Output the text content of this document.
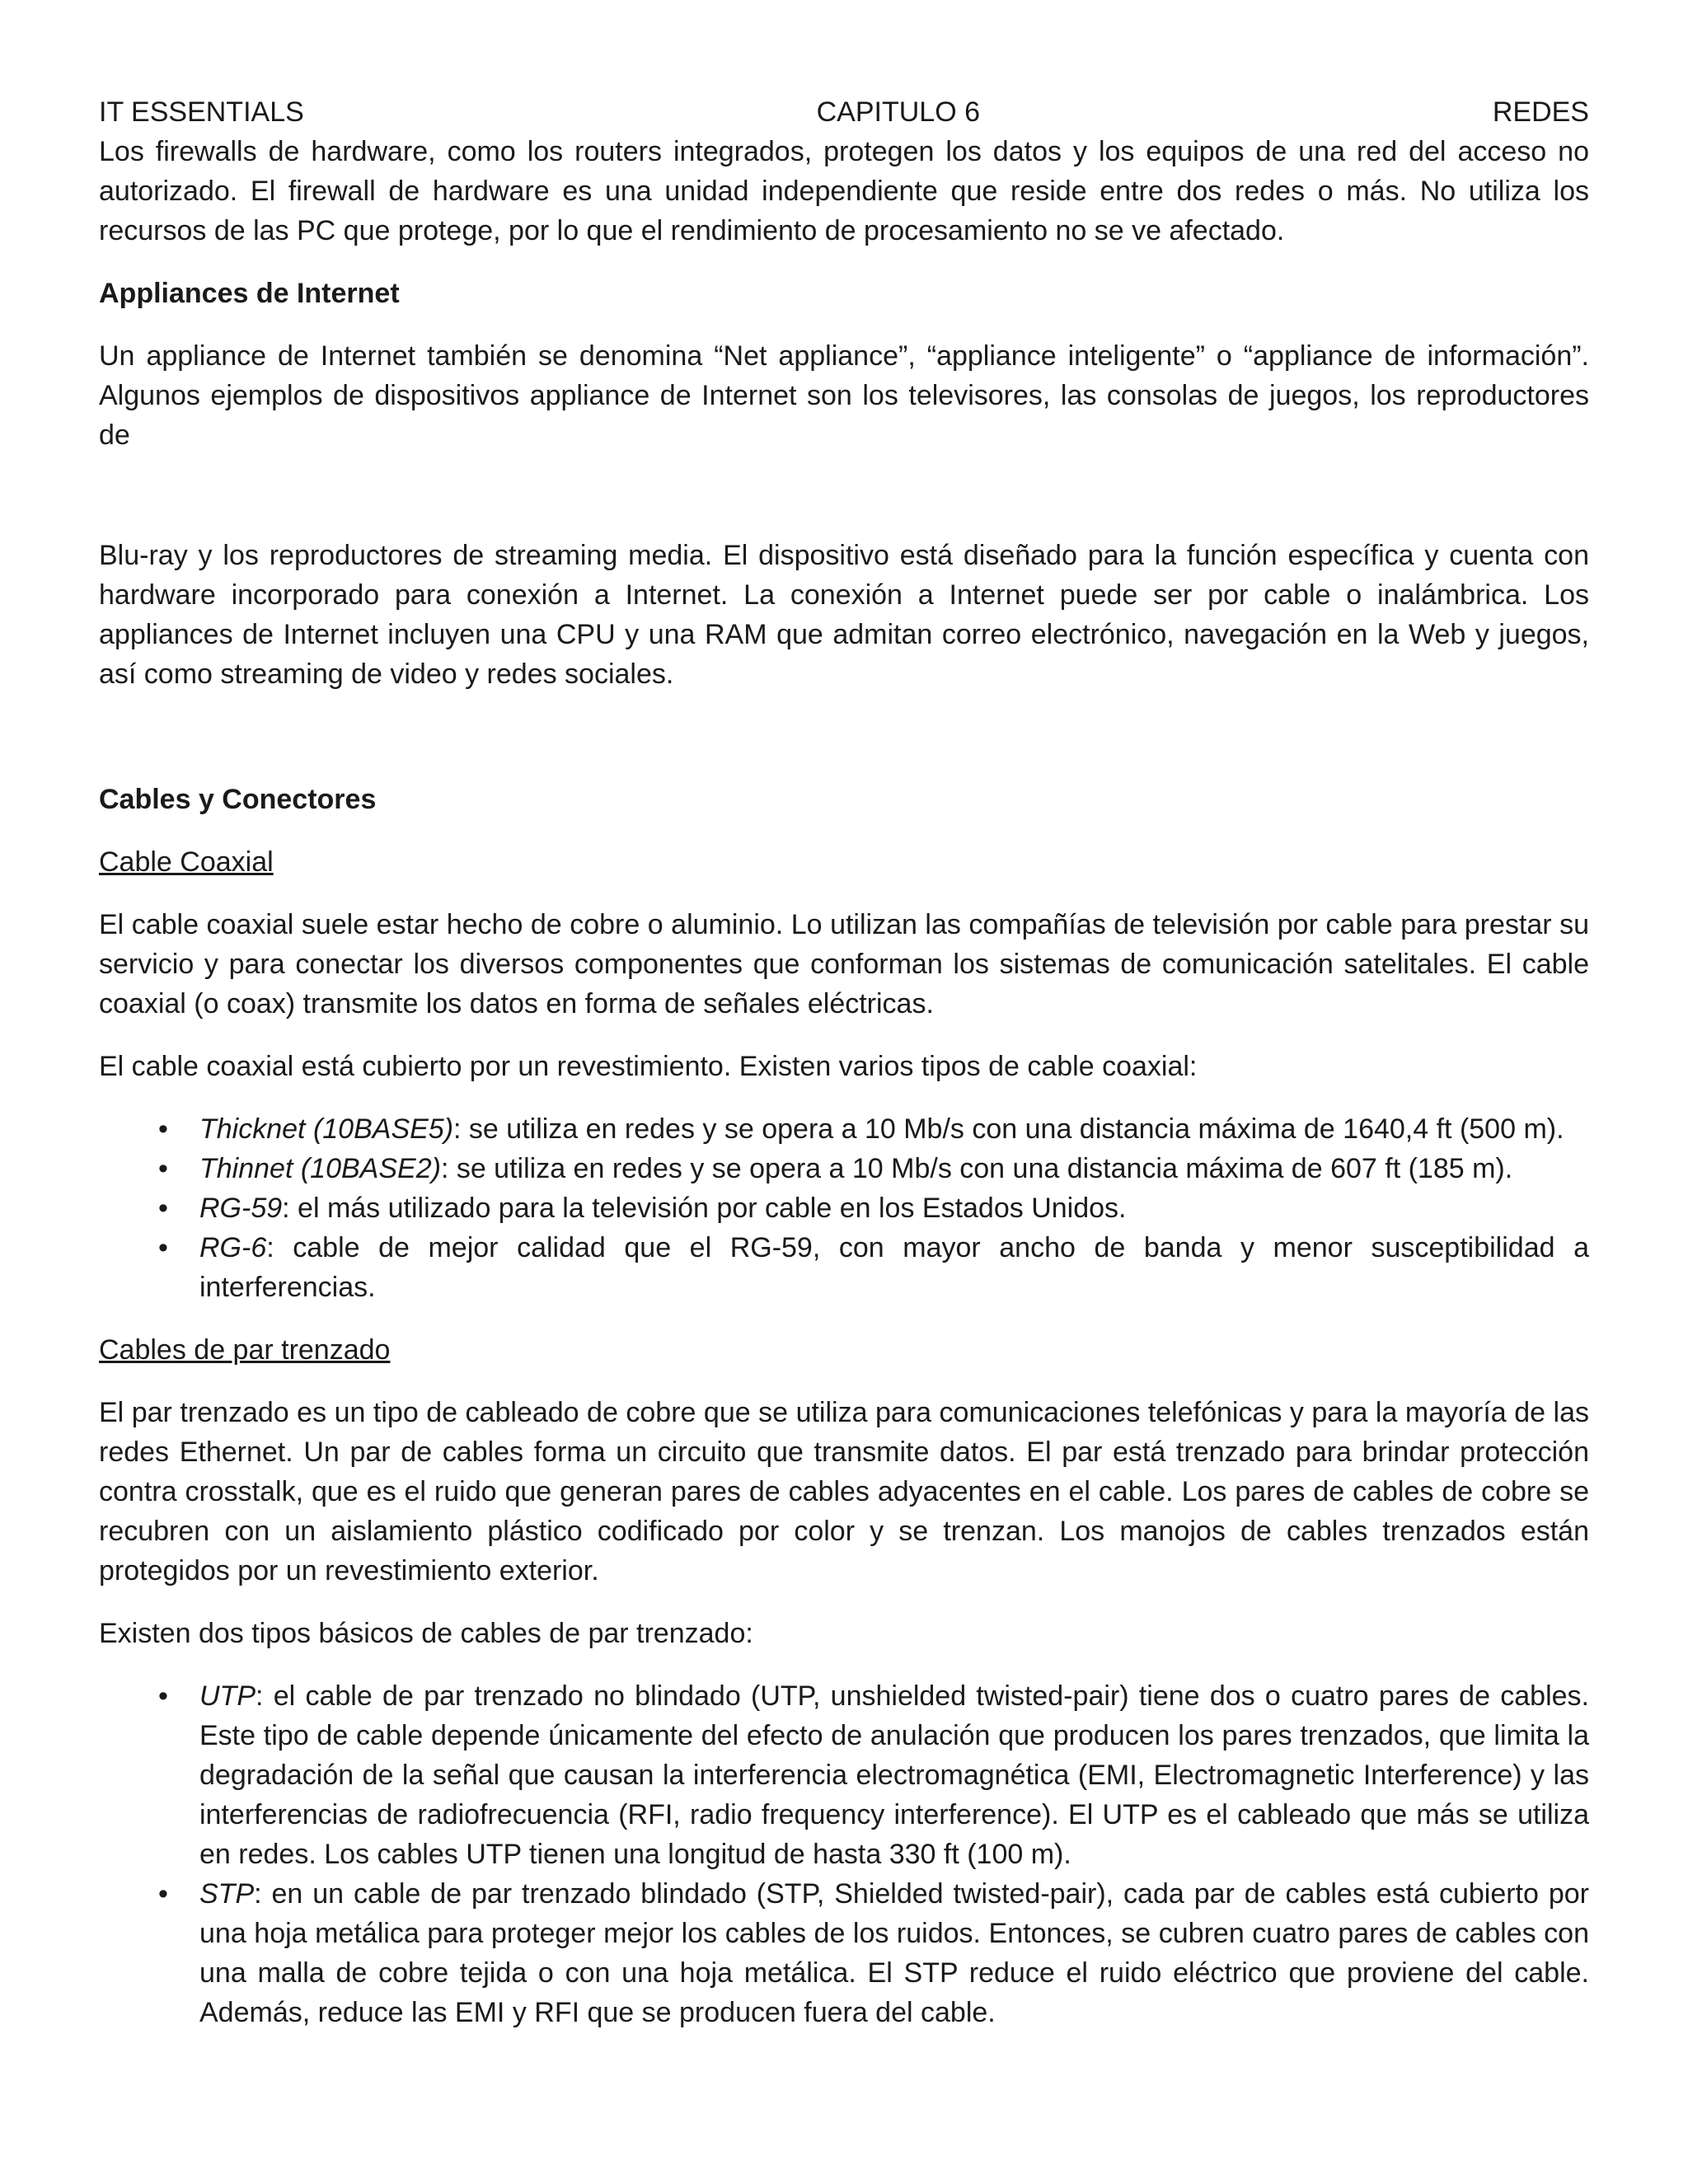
IT ESSENTIALS	CAPITULO 6	REDES

Los firewalls de hardware, como los routers integrados, protegen los datos y los equipos de una red del acceso no autorizado. El firewall de hardware es una unidad independiente que reside entre dos redes o más. No utiliza los recursos de las PC que protege, por lo que el rendimiento de procesamiento no se ve afectado.

Appliances de Internet

Un appliance de Internet también se denomina “Net appliance”, “appliance inteligente” o “appliance de información”. Algunos ejemplos de dispositivos appliance de Internet son los televisores, las consolas de juegos, los reproductores de

Blu-ray y los reproductores de streaming media. El dispositivo está diseñado para la función específica y cuenta con hardware incorporado para conexión a Internet. La conexión a Internet puede ser por cable o inalámbrica. Los appliances de Internet incluyen una CPU y una RAM que admitan correo electrónico, navegación en la Web y juegos, así como streaming de video y redes sociales.

Cables y Conectores
Cable Coaxial

El cable coaxial suele estar hecho de cobre o aluminio. Lo utilizan las compañías de televisión por cable para prestar su servicio y para conectar los diversos componentes que conforman los sistemas de comunicación satelitales. El cable coaxial (o coax) transmite los datos en forma de señales eléctricas.

El cable coaxial está cubierto por un revestimiento. Existen varios tipos de cable coaxial:

• Thicknet (10BASE5): se utiliza en redes y se opera a 10 Mb/s con una distancia máxima de 1640,4 ft (500 m).
• Thinnet (10BASE2): se utiliza en redes y se opera a 10 Mb/s con una distancia máxima de 607 ft (185 m).
• RG-59: el más utilizado para la televisión por cable en los Estados Unidos.
• RG-6: cable de mejor calidad que el RG-59, con mayor ancho de banda y menor susceptibilidad a interferencias.
Cables de par trenzado

El par trenzado es un tipo de cableado de cobre que se utiliza para comunicaciones telefónicas y para la mayoría de las redes Ethernet. Un par de cables forma un circuito que transmite datos. El par está trenzado para brindar protección contra crosstalk, que es el ruido que generan pares de cables adyacentes en el cable. Los pares de cables de cobre se recubren con un aislamiento plástico codificado por color y se trenzan. Los manojos de cables trenzados están protegidos por un revestimiento exterior.

Existen dos tipos básicos de cables de par trenzado:

• UTP: el cable de par trenzado no blindado (UTP, unshielded twisted-pair) tiene dos o cuatro pares de cables. Este tipo de cable depende únicamente del efecto de anulación que producen los pares trenzados, que limita la degradación de la señal que causan la interferencia electromagnética (EMI, Electromagnetic Interference) y las interferencias de radiofrecuencia (RFI, radio frequency interference). El UTP es el cableado que más se utiliza en redes. Los cables UTP tienen una longitud de hasta 330 ft (100 m).
• STP: en un cable de par trenzado blindado (STP, Shielded twisted-pair), cada par de cables está cubierto por una hoja metálica para proteger mejor los cables de los ruidos. Entonces, se cubren cuatro pares de cables con una malla de cobre tejida o con una hoja metálica. El STP reduce el ruido eléctrico que proviene del cable. Además, reduce las EMI y RFI que se producen fuera del cable.
